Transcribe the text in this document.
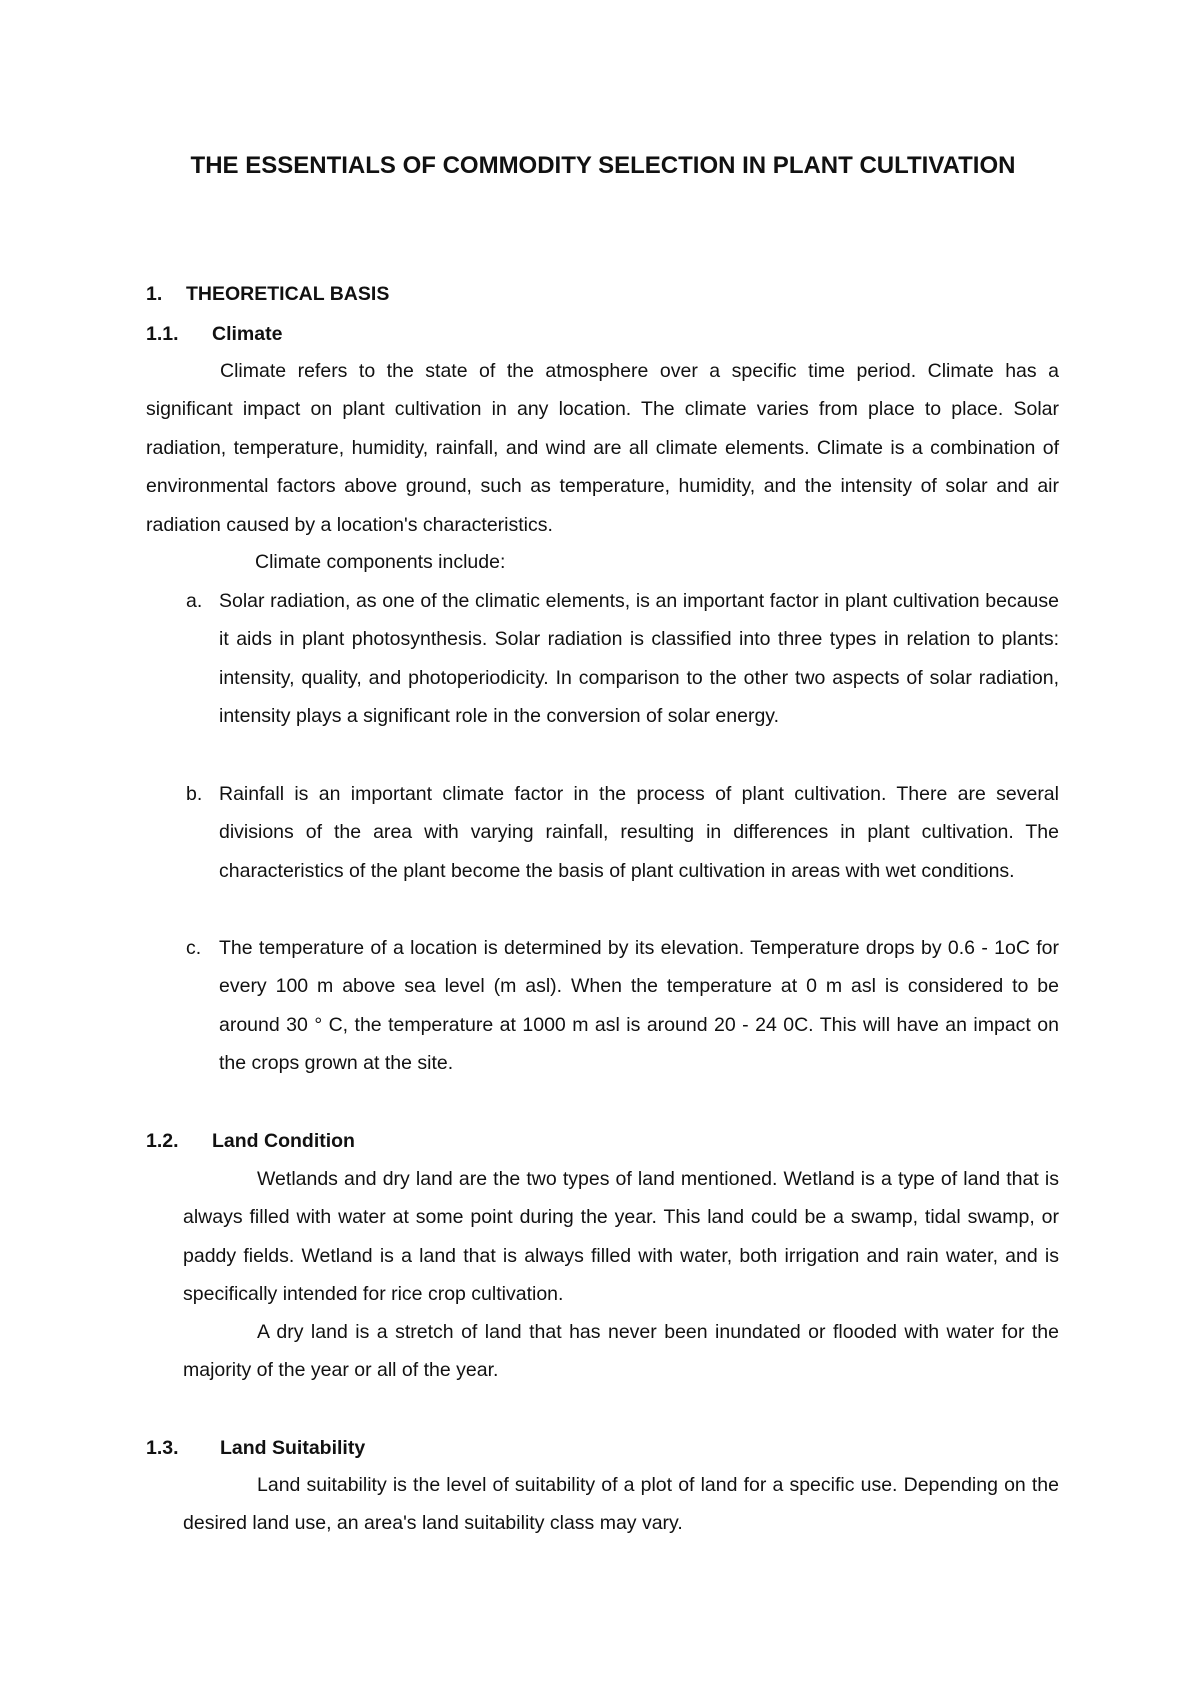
THE ESSENTIALS OF COMMODITY SELECTION IN PLANT CULTIVATION
1. THEORETICAL BASIS
1.1. Climate

Climate refers to the state of the atmosphere over a specific time period. Climate has a significant impact on plant cultivation in any location. The climate varies from place to place. Solar radiation, temperature, humidity, rainfall, and wind are all climate elements. Climate is a combination of environmental factors above ground, such as temperature, humidity, and the intensity of solar and air radiation caused by a location's characteristics.

Climate components include:
a. Solar radiation, as one of the climatic elements, is an important factor in plant cultivation because it aids in plant photosynthesis. Solar radiation is classified into three types in relation to plants: intensity, quality, and photoperiodicity. In comparison to the other two aspects of solar radiation, intensity plays a significant role in the conversion of solar energy.

b. Rainfall is an important climate factor in the process of plant cultivation. There are several divisions of the area with varying rainfall, resulting in differences in plant cultivation. The characteristics of the plant become the basis of plant cultivation in areas with wet conditions.

c. The temperature of a location is determined by its elevation. Temperature drops by 0.6 - 1oC for every 100 m above sea level (m asl). When the temperature at 0 m asl is considered to be around 30 ° C, the temperature at 1000 m asl is around 20 - 24 0C. This will have an impact on the crops grown at the site.

1.2. Land Condition

Wetlands and dry land are the two types of land mentioned. Wetland is a type of land that is always filled with water at some point during the year. This land could be a swamp, tidal swamp, or paddy fields. Wetland is a land that is always filled with water, both irrigation and rain water, and is specifically intended for rice crop cultivation.

A dry land is a stretch of land that has never been inundated or flooded with water for the majority of the year or all of the year.

1.3. Land Suitability

Land suitability is the level of suitability of a plot of land for a specific use. Depending on the desired land use, an area's land suitability class may vary.
